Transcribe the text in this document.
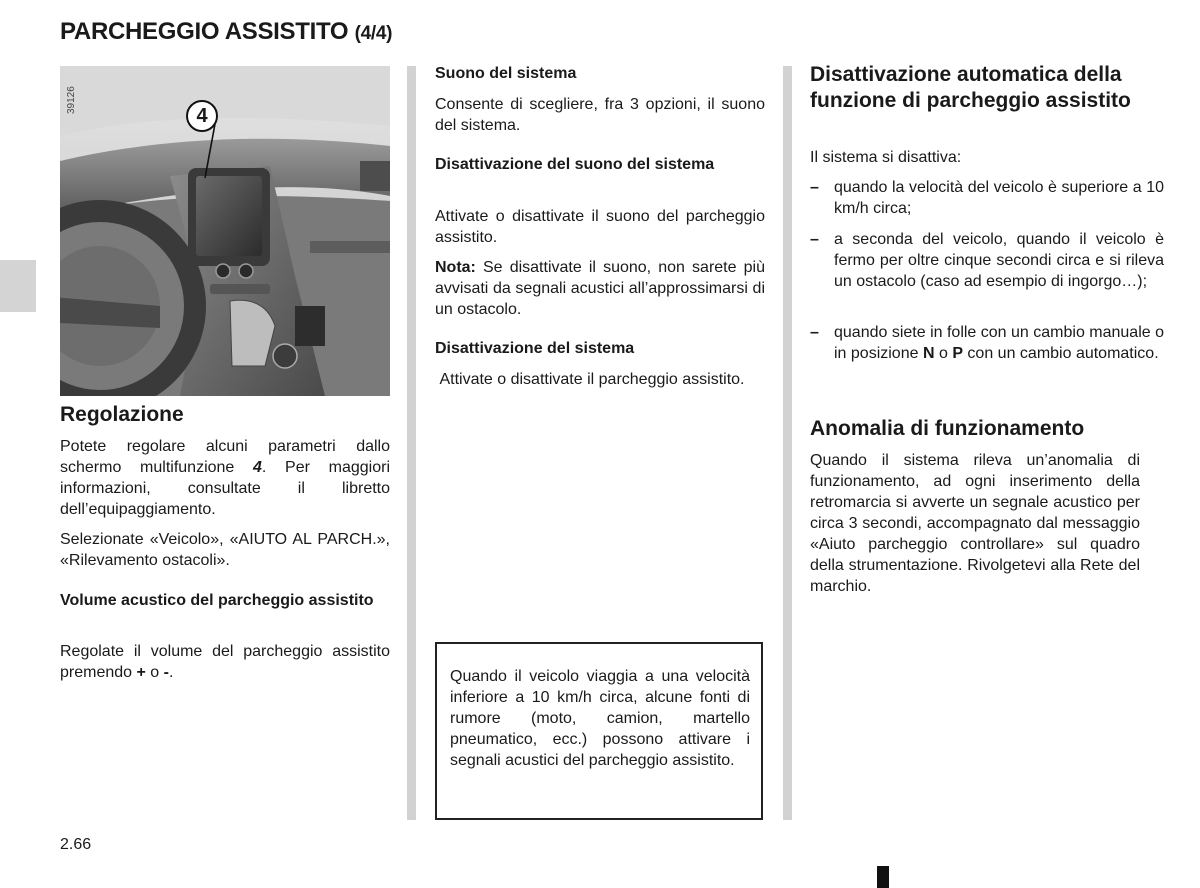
PARCHEGGIO ASSISTITO (4/4)
39126
4
Regolazione
Potete regolare alcuni parametri dallo schermo multifunzione 4. Per maggiori informazioni, consultate il libretto dell’equipaggiamento.
Selezionate «Veicolo», «AIUTO AL PARCH.», «Rilevamento ostacoli».
Volume acustico del parcheggio assistito
Regolate il volume del parcheggio assistito premendo + o -.
Suono del sistema
Consente di scegliere, fra 3 opzioni, il suono del sistema.
Disattivazione del suono del sistema
Attivate o disattivate il suono del parcheggio assistito.
Nota: Se disattivate il suono, non sarete più avvisati da segnali acustici all’approssimarsi di un ostacolo.
Disattivazione del sistema
Attivate o disattivate il parcheggio assistito.
Quando il veicolo viaggia a una velocità inferiore a 10 km/h circa, alcune fonti di rumore (moto, camion, martello pneumatico, ecc.) possono attivare i segnali acustici del parcheggio assistito.
Disattivazione automatica della funzione di parcheggio assistito
Il sistema si disattiva:
– quando la velocità del veicolo è superiore a 10 km/h circa;
– a seconda del veicolo, quando il veicolo è fermo per oltre cinque secondi circa e si rileva un ostacolo (caso ad esempio di ingorgo…);
– quando siete in folle con un cambio manuale o in posizione N o P con un cambio automatico.
Anomalia di funzionamento
Quando il sistema rileva un’anomalia di funzionamento, ad ogni inserimento della retromarcia si avverte un segnale acustico per circa 3 secondi, accompagnato dal messaggio «Aiuto parcheggio controllare» sul quadro della strumentazione. Rivolgetevi alla Rete del marchio.
2.66
